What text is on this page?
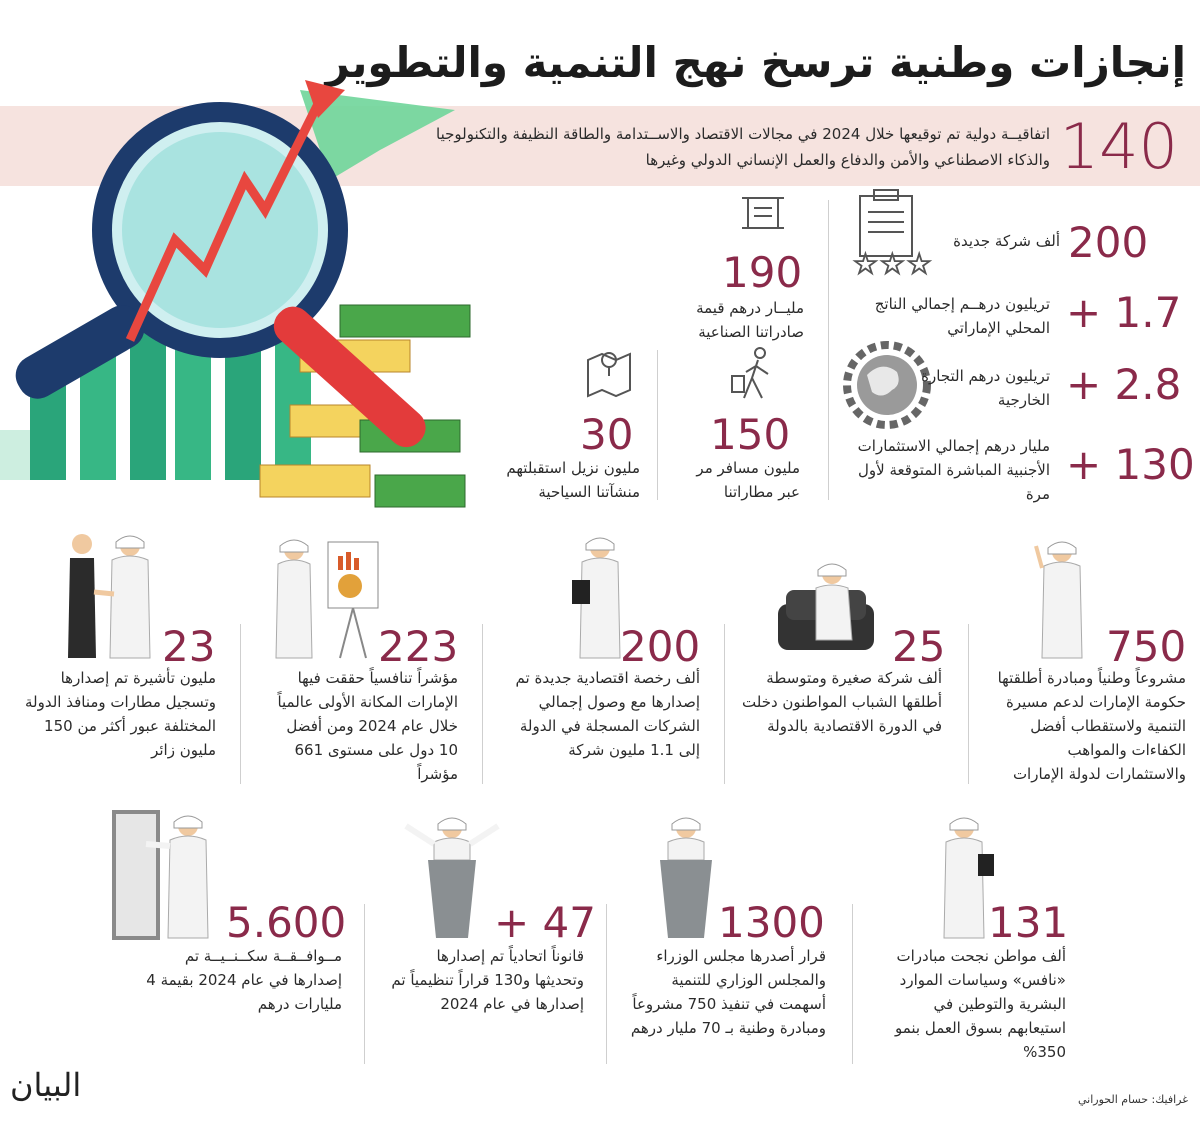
إنجازات وطنية ترسخ نهج التنمية والتطوير
140
اتفاقيــة دولية تم توقيعها خلال 2024 في مجالات الاقتصاد والاســتدامة والطاقة النظيفة والتكنولوجيا والذكاء الاصطناعي والأمن والدفاع والعمل الإنساني الدولي وغيرها
☆☆☆	200
ألف شركة جديدة
+ 1.7
تريليون درهــم إجمالي الناتج المحلي الإماراتي
+ 2.8
تريليون درهم التجارة الخارجية
+ 130
مليار درهم إجمالي الاستثمارات الأجنبية المباشرة المتوقعة لأول مرة
190
مليــار درهم قيمة صادراتنا الصناعية
150
مليون مسافر مر عبر مطاراتنا
30
مليون نزيل استقبلتهم منشآتنا السياحية
750
مشروعاً وطنياً ومبادرة أطلقتها حكومة الإمارات لدعم مسيرة التنمية ولاستقطاب أفضل الكفاءات والمواهب والاستثمارات لدولة الإمارات
25
ألف شركة صغيرة ومتوسطة أطلقها الشباب المواطنون دخلت في الدورة الاقتصادية بالدولة
200
ألف رخصة اقتصادية جديدة تم إصدارها مع وصول إجمالي الشركات المسجلة في الدولة إلى 1.1 مليون شركة
223
مؤشراً تنافسياً حققت فيها الإمارات المكانة الأولى عالمياً خلال عام 2024 ومن أفضل 10 دول على مستوى 661 مؤشراً
23
مليون تأشيرة تم إصدارها وتسجيل مطارات ومنافذ الدولة المختلفة عبور أكثر من 150 مليون زائر
131
ألف مواطن نجحت مبادرات «نافس» وسياسات الموارد البشرية والتوطين في استيعابهم بسوق العمل بنمو 350%
1300
قرار أصدرها مجلس الوزراء والمجلس الوزاري للتنمية أسهمت في تنفيذ 750 مشروعاً ومبادرة وطنية بـ 70 مليار درهم
+ 47
قانوناً اتحادياً تم إصدارها وتحديثها و130 قراراً تنظيمياً تم إصدارها في عام 2024
5.600
مــوافــقــة سكــنــيــة تم إصدارها في عام 2024 بقيمة 4 مليارات درهم
غرافيك: حسام الحوراني
البيان
